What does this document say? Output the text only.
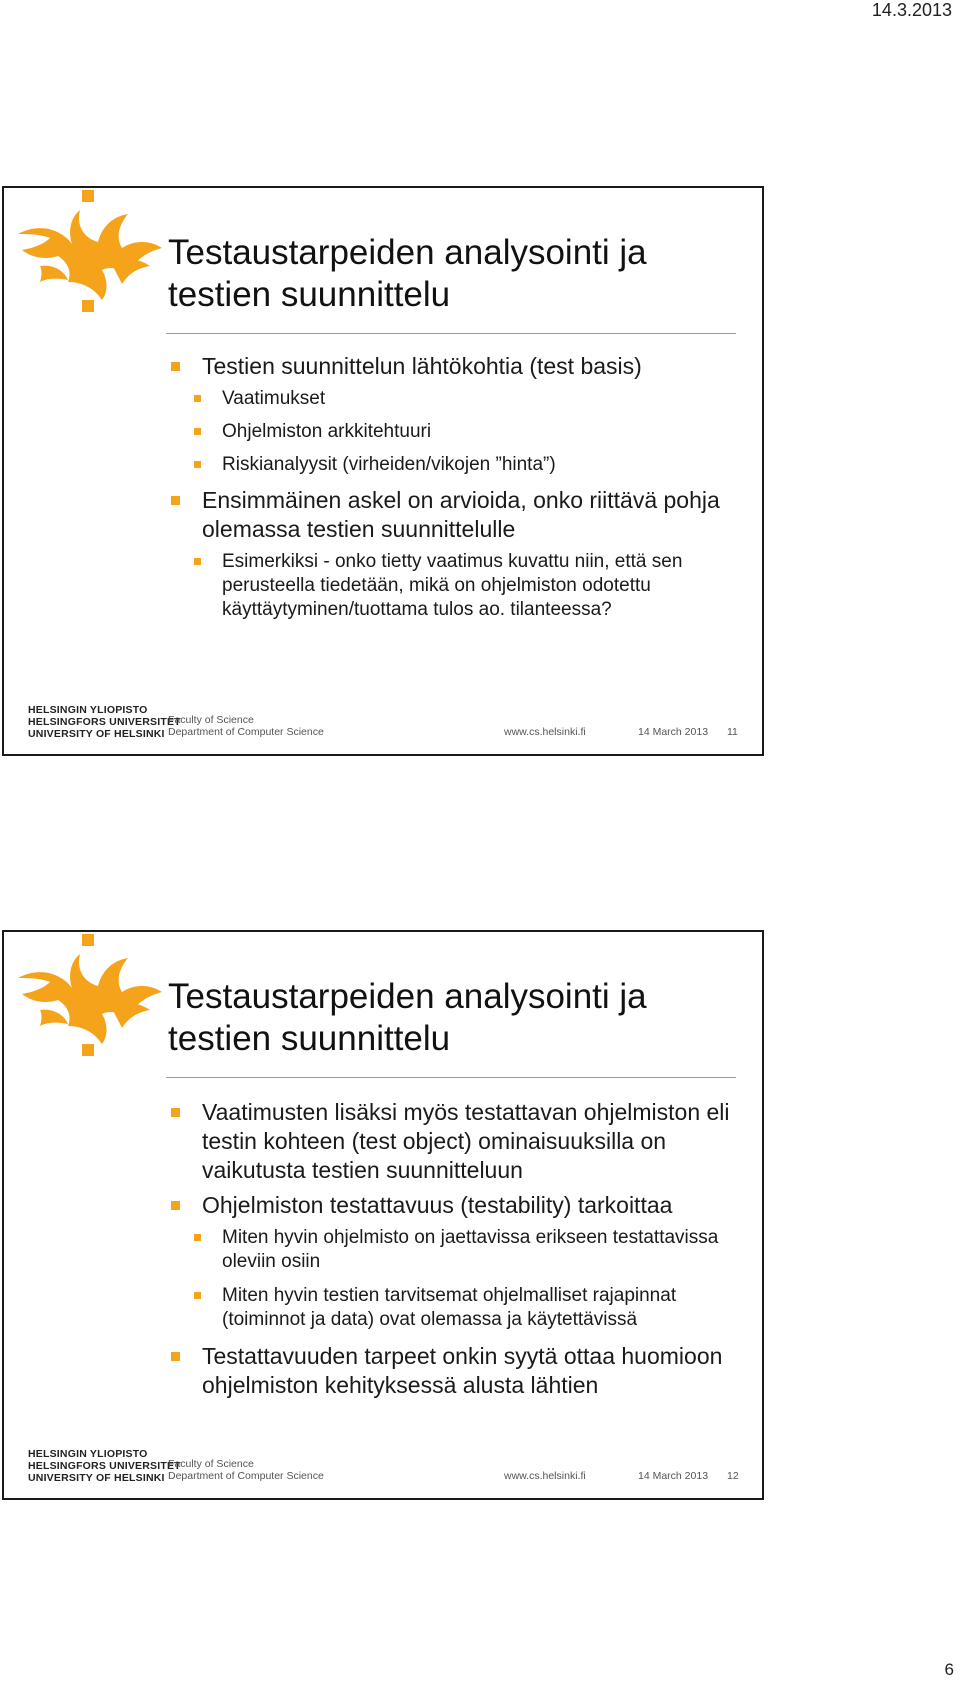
14.3.2013
Testaustarpeiden analysointi ja
testien suunnittelu
Testien suunnittelun lähtökohtia (test basis)
Vaatimukset
Ohjelmiston arkkitehtuuri
Riskianalyysit (virheiden/vikojen ”hinta”)
Ensimmäinen askel on arvioida, onko riittävä pohja olemassa testien suunnittelulle
Esimerkiksi - onko tietty vaatimus kuvattu niin, että sen perusteella tiedetään, mikä on ohjelmiston odotettu käyttäytyminen/tuottama tulos ao. tilanteessa?
HELSINGIN YLIOPISTO
HELSINGFORS UNIVERSITET
UNIVERSITY OF HELSINKI
Faculty of Science
Department of Computer Science	www.cs.helsinki.fi	14 March 2013 11
Testaustarpeiden analysointi ja
testien suunnittelu
Vaatimusten lisäksi myös testattavan ohjelmiston eli testin kohteen (test object) ominaisuuksilla on vaikutusta testien suunnitteluun
Ohjelmiston testattavuus (testability) tarkoittaa
Miten hyvin ohjelmisto on jaettavissa erikseen testattavissa oleviin osiin
Miten hyvin testien tarvitsemat ohjelmalliset rajapinnat (toiminnot ja data) ovat olemassa ja käytettävissä
Testattavuuden tarpeet onkin syytä ottaa huomioon ohjelmiston kehityksessä alusta lähtien
HELSINGIN YLIOPISTO
HELSINGFORS UNIVERSITET
UNIVERSITY OF HELSINKI
Faculty of Science
Department of Computer Science	www.cs.helsinki.fi	14 March 2013 12
6
